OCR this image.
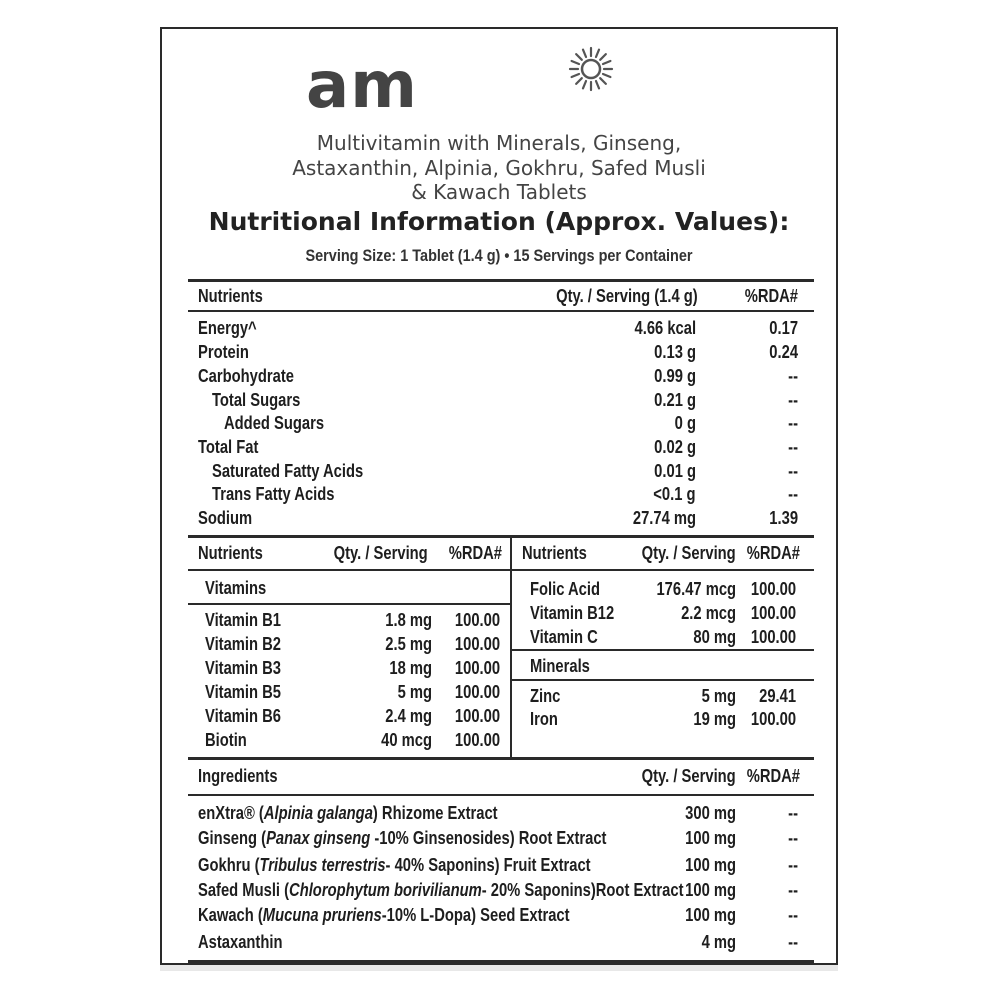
am
Multivitamin with Minerals, Ginseng,
Astaxanthin, Alpinia, Gokhru, Safed Musli
& Kawach Tablets
Nutritional Information (Approx. Values):
Serving Size: 1 Tablet (1.4 g) • 15 Servings per Container
Nutrients	Qty. / Serving (1.4 g)	%RDA#
Energy^	4.66 kcal	0.17
Protein	0.13 g	0.24
Carbohydrate	0.99 g	--
Total Sugars	0.21 g	--
Added Sugars	0 g	--
Total Fat	0.02 g	--
Saturated Fatty Acids	0.01 g	--
Trans Fatty Acids	<0.1 g	--
Sodium	27.74 mg	1.39
Nutrients	Qty. / Serving %RDA#
Vitamins
Vitamin B1	1.8 mg 100.00
Vitamin B2	2.5 mg 100.00
Vitamin B3	18 mg 100.00
Vitamin B5	5 mg 100.00
Vitamin B6	2.4 mg 100.00
Biotin	40 mcg 100.00
Nutrients	Qty. / Serving %RDA#
Folic Acid	176.47 mcg 100.00
Vitamin B12	2.2 mcg 100.00
Vitamin C	80 mg 100.00
Minerals
Zinc	5 mg 29.41
Iron	19 mg 100.00
Ingredients	Qty. / Serving %RDA#
enXtra® (Alpinia galanga) Rhizome Extract	300 mg	--
Ginseng (Panax ginseng -10% Ginsenosides) Root Extract	100 mg	--
Gokhru (Tribulus terrestris- 40% Saponins) Fruit Extract	100 mg	--
Safed Musli (Chlorophytum borivilianum- 20% Saponins)Root Extract 100 mg	--
Kawach (Mucuna pruriens-10% L-Dopa) Seed Extract	100 mg	--
Astaxanthin	4 mg	--
